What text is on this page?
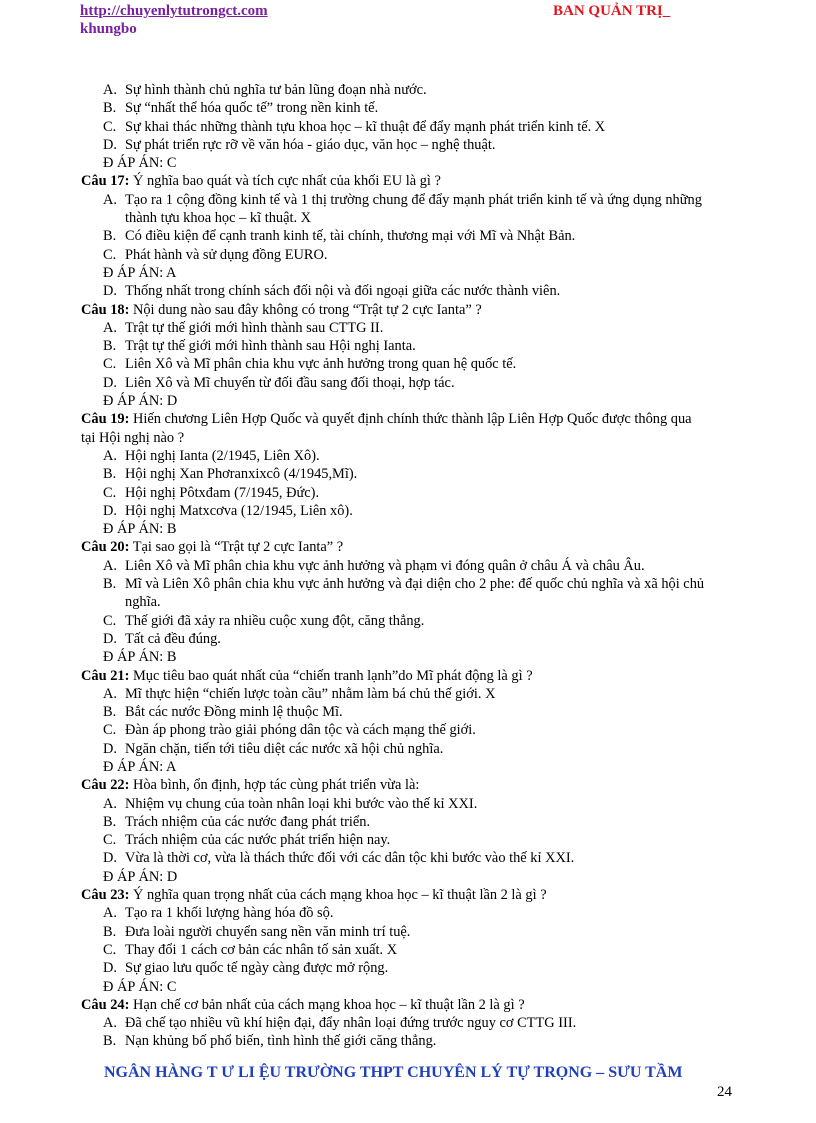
http://chuyenlytutrongct.com	BAN QUẢN TRỊ_
khungbo
A. Sự hình thành chủ nghĩa tư bản lũng đoạn nhà nước.
B. Sự “nhất thể hóa quốc tế” trong nền kinh tế.
C. Sự khai thác những thành tựu khoa học – kĩ thuật để đẩy mạnh phát triển kinh tế. X
D. Sự phát triển rực rỡ về văn hóa - giáo dục, văn học – nghệ thuật.
Đ ÁP ÁN: C
Câu 17: Ý nghĩa bao quát và tích cực nhất của khối EU là gì ?
A. Tạo ra 1 cộng đồng kinh tế và 1 thị trường chung để đẩy mạnh phát triển kinh tế và ứng dụng những
thành tựu khoa học – kĩ thuật. X
B. Có điều kiện để cạnh tranh kinh tế, tài chính, thương mại với Mĩ và Nhật Bản.
C. Phát hành và sử dụng đồng EURO.
Đ ÁP ÁN: A
D. Thống nhất trong chính sách đối nội và đối ngoại giữa các nước thành viên.
Câu 18: Nội dung nào sau đây không có trong “Trật tự 2 cực Ianta” ?
A. Trật tự thế giới mới hình thành sau CTTG II.
B. Trật tự thế giới mới hình thành sau Hội nghị Ianta.
C. Liên Xô và Mĩ phân chia khu vực ảnh hưởng trong quan hệ quốc tế.
D. Liên Xô và Mĩ chuyển từ đối đầu sang đối thoại, hợp tác.
Đ ÁP ÁN: D
Câu 19: Hiến chương Liên Hợp Quốc và quyết định chính thức thành lập Liên Hợp Quốc được thông qua
tại Hội nghị nào ?
A. Hội nghị Ianta (2/1945, Liên Xô).
B. Hội nghị Xan Phơranxixcô (4/1945,Mĩ).
C. Hội nghị Pôtxđam (7/1945, Đức).
D. Hội nghị Matxcơva (12/1945, Liên xô).
Đ ÁP ÁN: B
Câu 20: Tại sao gọi là “Trật tự 2 cực Ianta” ?
A. Liên Xô và Mĩ phân chia khu vực ảnh hưởng và phạm vi đóng quân ở châu Á và châu Âu.
B. Mĩ và Liên Xô phân chia khu vực ảnh hưởng và đại diện cho 2 phe: đế quốc chủ nghĩa và xã hội chủ
nghĩa.
C. Thế giới đã xảy ra nhiều cuộc xung đột, căng thẳng.
D. Tất cả đều đúng.
Đ ÁP ÁN: B
Câu 21: Mục tiêu bao quát nhất của “chiến tranh lạnh”do Mĩ phát động là gì ?
A. Mĩ thực hiện “chiến lược toàn cầu” nhằm làm bá chủ thế giới. X
B. Bắt các nước Đồng minh lệ thuộc Mĩ.
C. Đàn áp phong trào giải phóng dân tộc và cách mạng thế giới.
D. Ngăn chặn, tiến tới tiêu diệt các nước xã hội chủ nghĩa.
Đ ÁP ÁN: A
Câu 22: Hòa bình, ổn định, hợp tác cùng phát triển vừa là:
A. Nhiệm vụ chung của toàn nhân loại khi bước vào thế kỉ XXI.
B. Trách nhiệm của các nước đang phát triển.
C. Trách nhiệm của các nước phát triển hiện nay.
D. Vừa là thời cơ, vừa là thách thức đối với các dân tộc khi bước vào thế kỉ XXI.
Đ ÁP ÁN: D
Câu 23: Ý nghĩa quan trọng nhất của cách mạng khoa học – kĩ thuật lần 2 là gì ?
A. Tạo ra 1 khối lượng hàng hóa đồ sộ.
B. Đưa loài người chuyển sang nền văn minh trí tuệ.
C. Thay đổi 1 cách cơ bản các nhân tố sản xuất. X
D. Sự giao lưu quốc tế ngày càng được mở rộng.
Đ ÁP ÁN: C
Câu 24: Hạn chế cơ bản nhất của cách mạng khoa học – kĩ thuật lần 2 là gì ?
A. Đã chế tạo nhiều vũ khí hiện đại, đẩy nhân loại đứng trước nguy cơ CTTG III.
B. Nạn khủng bố phổ biến, tình hình thế giới căng thẳng.
NGÂN HÀNG T Ư LI ỆU TRƯỜNG THPT CHUYÊN LÝ TỰ TRỌNG – SƯU TẦM
24
